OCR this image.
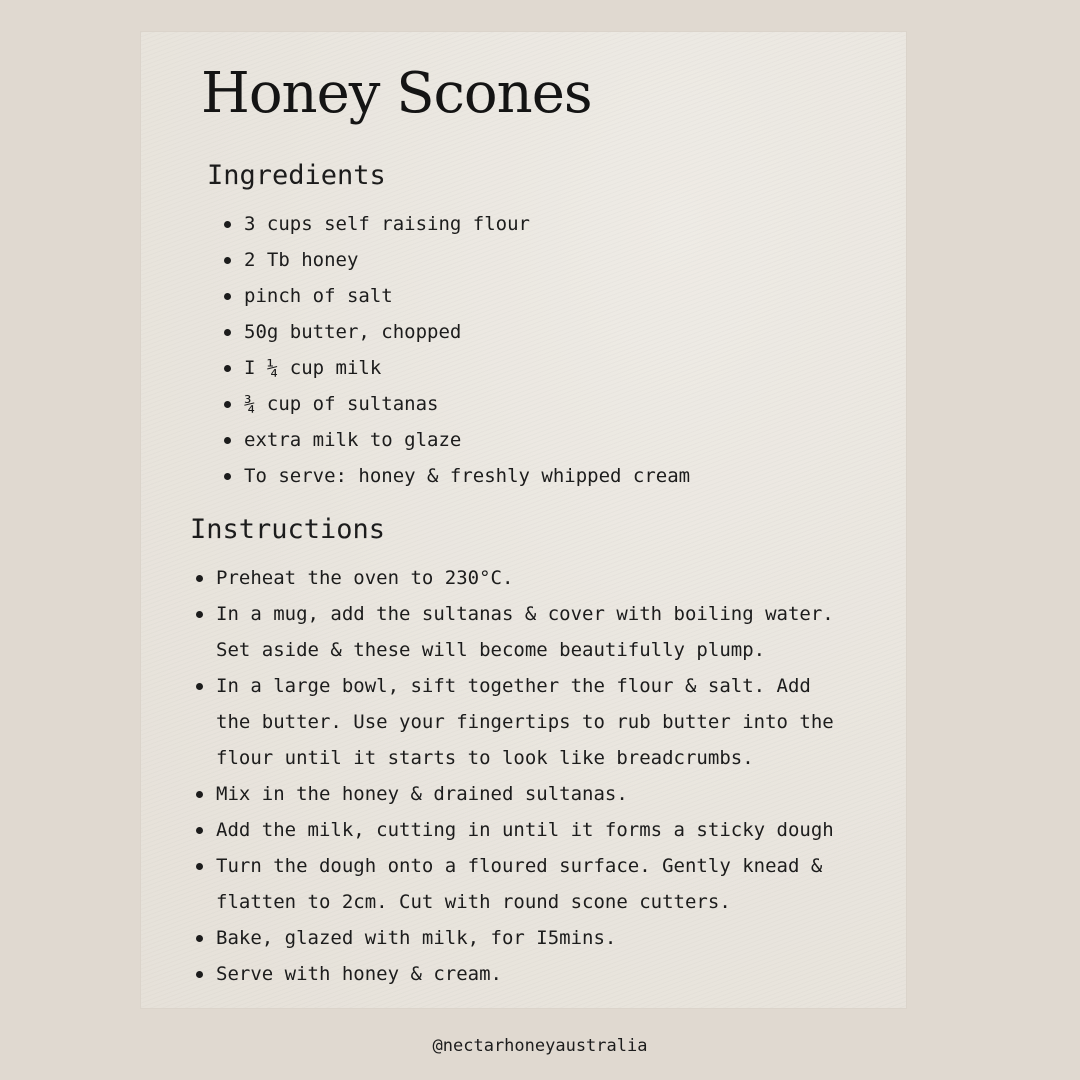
Honey Scones
Ingredients
3 cups self raising flour
2 Tb honey
pinch of salt
50g butter, chopped
I ¼ cup milk
¾ cup of sultanas
extra milk to glaze
To serve: honey & freshly whipped cream
Instructions
Preheat the oven to 230°C.
In a mug, add the sultanas & cover with boiling water. Set aside & these will become beautifully plump.
In a large bowl, sift together the flour & salt. Add the butter. Use your fingertips to rub butter into the flour until it starts to look like breadcrumbs.
Mix in the honey & drained sultanas.
Add the milk, cutting in until it forms a sticky dough
Turn the dough onto a floured surface. Gently knead & flatten to 2cm. Cut with round scone cutters.
Bake, glazed with milk, for I5mins.
Serve with honey & cream.

@nectarhoneyaustralia
